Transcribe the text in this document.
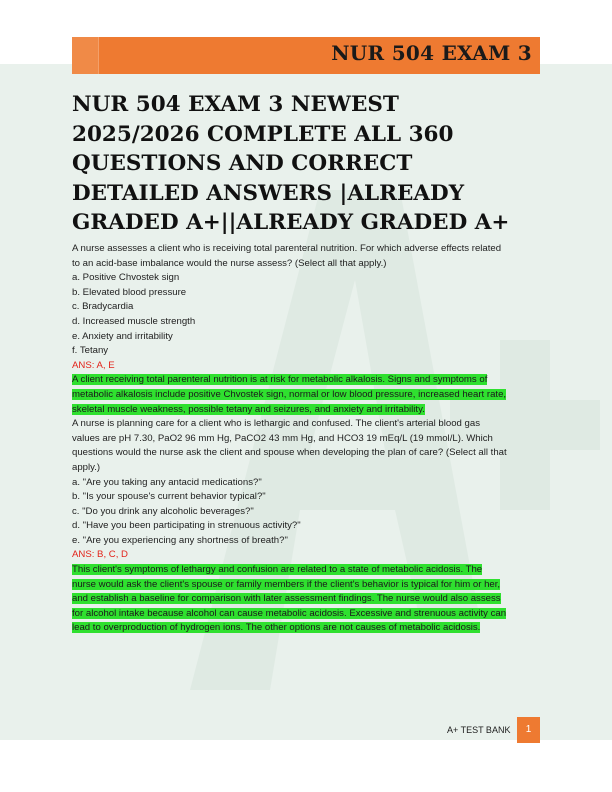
NUR 504 EXAM 3
NUR 504 EXAM 3 NEWEST 2025/2026 COMPLETE ALL 360 QUESTIONS AND CORRECT DETAILED ANSWERS |ALREADY GRADED A+||ALREADY GRADED A+

A nurse assesses a client who is receiving total parenteral nutrition. For which adverse effects related to an acid-base imbalance would the nurse assess? (Select all that apply.)

a. Positive Chvostek sign
b. Elevated blood pressure
c. Bradycardia
d. Increased muscle strength
e. Anxiety and irritability
f. Tetany

ANS: A, E

A client receiving total parenteral nutrition is at risk for metabolic alkalosis. Signs and symptoms of metabolic alkalosis include positive Chvostek sign, normal or low blood pressure, increased heart rate, skeletal muscle weakness, possible tetany and seizures, and anxiety and irritability.

A nurse is planning care for a client who is lethargic and confused. The client's arterial blood gas values are pH 7.30, PaO2 96 mm Hg, PaCO2 43 mm Hg, and HCO3 19 mEq/L (19 mmol/L). Which questions would the nurse ask the client and spouse when developing the plan of care? (Select all that apply.)

a. "Are you taking any antacid medications?"
b. "Is your spouse's current behavior typical?"
c. "Do you drink any alcoholic beverages?"
d. "Have you been participating in strenuous activity?"
e. "Are you experiencing any shortness of breath?"

ANS: B, C, D

This client's symptoms of lethargy and confusion are related to a state of metabolic acidosis. The nurse would ask the client's spouse or family members if the client's behavior is typical for him or her, and establish a baseline for comparison with later assessment findings. The nurse would also assess for alcohol intake because alcohol can cause metabolic acidosis. Excessive and strenuous activity can lead to overproduction of hydrogen ions. The other options are not causes of metabolic acidosis.

A+ TEST BANK	1
